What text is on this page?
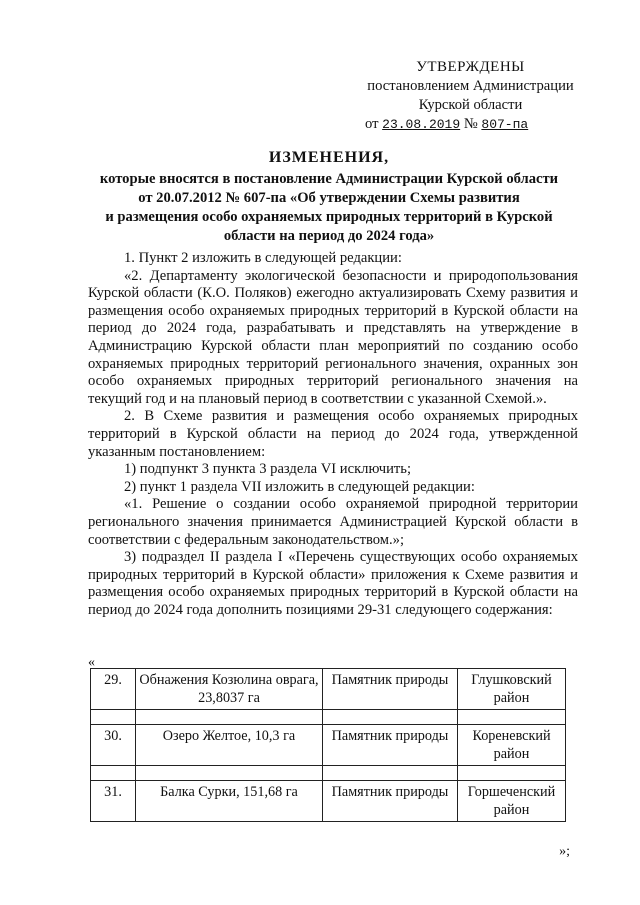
УТВЕРЖДЕНЫ
постановлением Администрации
Курской области
от 23.08.2019 № 807-па
ИЗМЕНЕНИЯ,
которые вносятся в постановление Администрации Курской области
от 20.07.2012 № 607-па «Об утверждении Схемы развития
и размещения особо охраняемых природных территорий в Курской
области на период до 2024 года»

1. Пункт 2 изложить в следующей редакции:

«2. Департаменту экологической безопасности и природопользования Курской области (К.О. Поляков) ежегодно актуализировать Схему развития и размещения особо охраняемых природных территорий в Курской области на период до 2024 года, разрабатывать и представлять на утверждение в Администрацию Курской области план мероприятий по созданию особо охраняемых природных территорий регионального значения, охранных зон особо охраняемых природных территорий регионального значения на текущий год и на плановый период в соответствии с указанной Схемой.».

2. В Схеме развития и размещения особо охраняемых природных территорий в Курской области на период до 2024 года, утвержденной указанным постановлением:

1) подпункт 3 пункта 3 раздела VI исключить;

2) пункт 1 раздела VII изложить в следующей редакции:

«1. Решение о создании особо охраняемой природной территории регионального значения принимается Администрацией Курской области в соответствии с федеральным законодательством.»;

3) подраздел II раздела I «Перечень существующих особо охраняемых природных территорий в Курской области» приложения к Схеме развития и размещения особо охраняемых природных территорий в Курской области на период до 2024 года дополнить позициями 29-31 следующего содержания:

«
29.	Обнажения Козюлина оврага, 23,8037 га	Памятник природы	Глушковский район

30.	Озеро Желтое, 10,3 га	Памятник природы	Кореневский район

31.	Балка Сурки, 151,68 га	Памятник природы	Горшеченский район
»;
